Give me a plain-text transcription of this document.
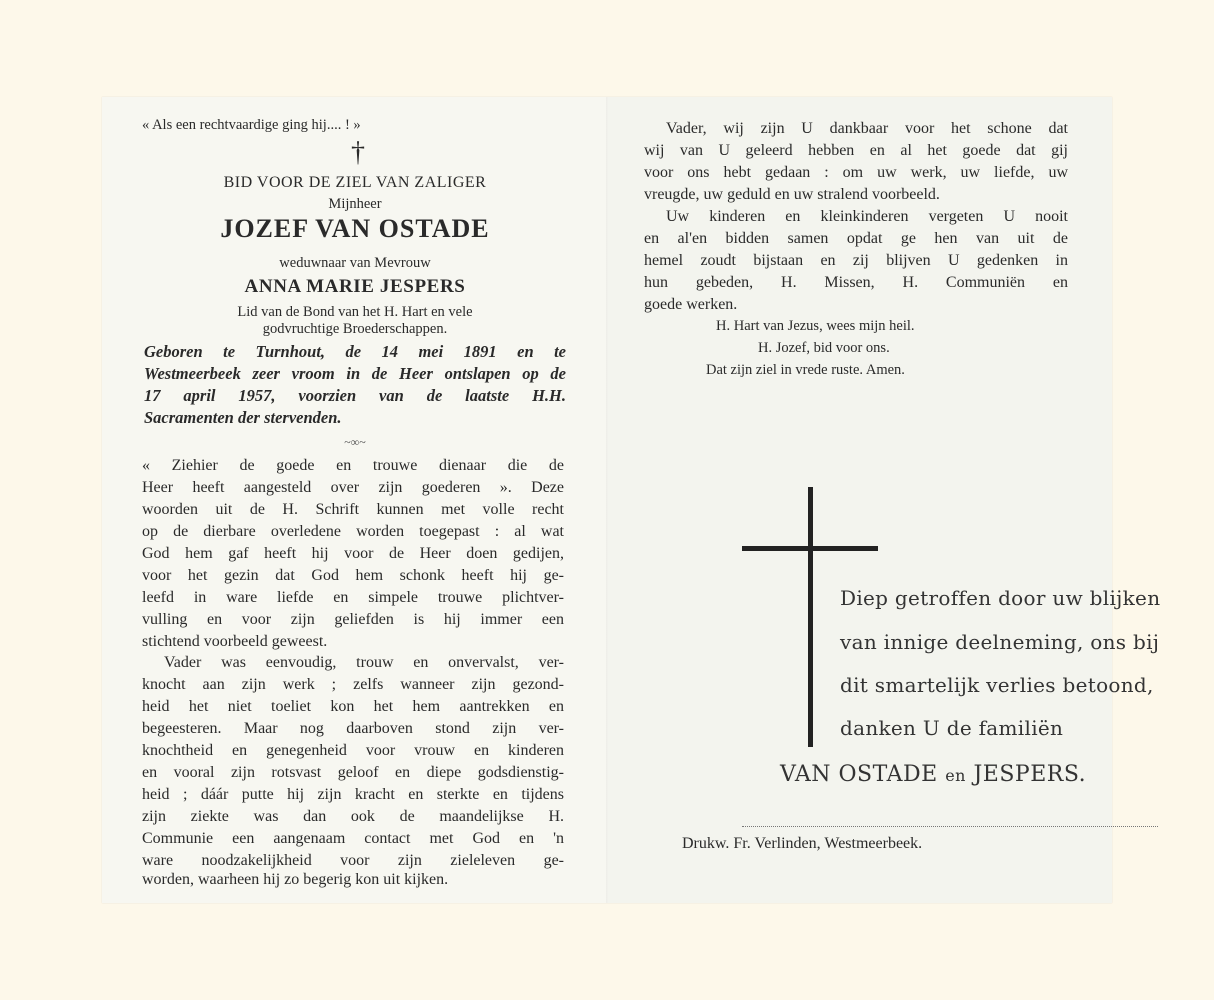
« Als een rechtvaardige ging hij.... ! »
†
BID VOOR DE ZIEL VAN ZALIGER
Mijnheer
JOZEF VAN OSTADE
weduwnaar van Mevrouw
ANNA MARIE JESPERS
Lid van de Bond van het H. Hart en vele
godvruchtige Broederschappen.
Geboren te Turnhout, de 14 mei 1891 en te
Westmeerbeek zeer vroom in de Heer ontslapen op de
17 april 1957, voorzien van de laatste H.H.
Sacramenten der stervenden.
~∞~
« Ziehier de goede en trouwe dienaar die de
Heer heeft aangesteld over zijn goederen ». Deze
woorden uit de H. Schrift kunnen met volle recht
op de dierbare overledene worden toegepast : al wat
God hem gaf heeft hij voor de Heer doen gedijen,
voor het gezin dat God hem schonk heeft hij ge-
leefd in ware liefde en simpele trouwe plichtver-
vulling en voor zijn geliefden is hij immer een
stichtend voorbeeld geweest.
Vader was eenvoudig, trouw en onvervalst, ver-
knocht aan zijn werk ; zelfs wanneer zijn gezond-
heid het niet toeliet kon het hem aantrekken en
begeesteren. Maar nog daarboven stond zijn ver-
knochtheid en genegenheid voor vrouw en kinderen
en vooral zijn rotsvast geloof en diepe godsdienstig-
heid ; dáár putte hij zijn kracht en sterkte en tijdens
zijn ziekte was dan ook de maandelijkse H.
Communie een aangenaam contact met God en 'n
ware noodzakelijkheid voor zijn zieleleven ge-
worden, waarheen hij zo begerig kon uit kijken.
Vader, wij zijn U dankbaar voor het schone dat
wij van U geleerd hebben en al het goede dat gij
voor ons hebt gedaan : om uw werk, uw liefde, uw
vreugde, uw geduld en uw stralend voorbeeld.
Uw kinderen en kleinkinderen vergeten U nooit
en al'en bidden samen opdat ge hen van uit de
hemel zoudt bijstaan en zij blijven U gedenken in
hun gebeden, H. Missen, H. Communiën en
goede werken.
H. Hart van Jezus, wees mijn heil.
H. Jozef, bid voor ons.
Dat zijn ziel in vrede ruste. Amen.

Diep getroffen door uw blijken
van innige deelneming, ons bij
dit smartelijk verlies betoond,
danken U de familiën
VAN OSTADE en JESPERS.
Drukw. Fr. Verlinden, Westmeerbeek.
